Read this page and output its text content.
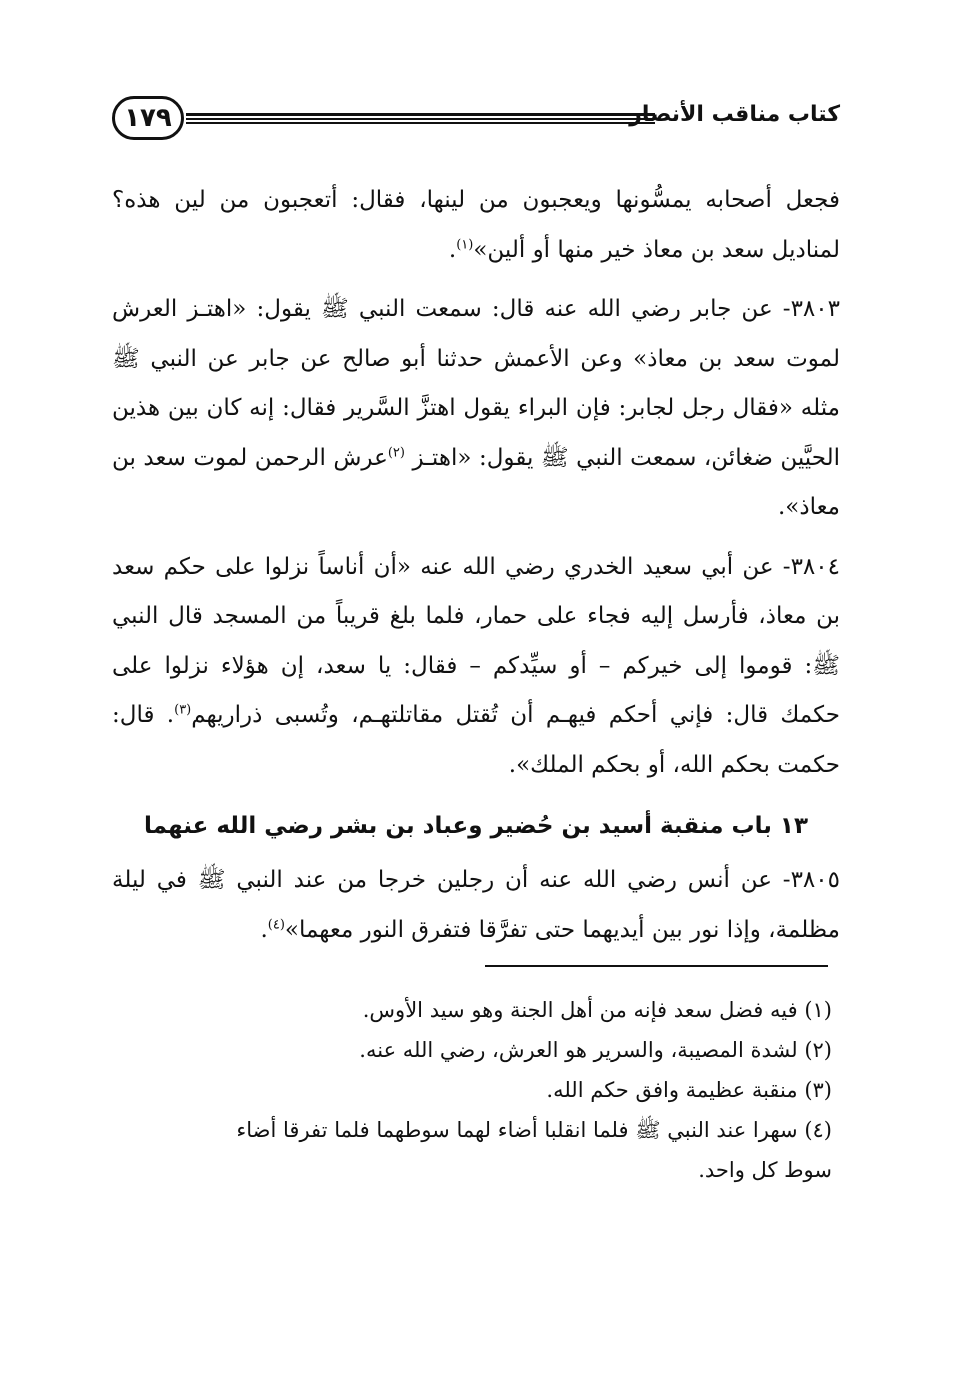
كتاب مناقب الأنصار
١٧٩

فجعل أصحابه يمسُّونها ويعجبون من لينها، فقال: أتعجبون من لين هذه؟ لمناديل سعد بن معاذ خير منها أو ألين»$^{(١)}$.

٣٨٠٣- عن جابر رضي الله عنه قال: سمعت النبي ﷺ يقول: «اهتـز العرش لموت سعد بن معاذ» وعن الأعمش حدثنا أبو صالح عن جابر عن النبي ﷺ مثله «فقال رجل لجابر: فإن البراء يقول اهتزَّ السَّرير فقال: إنه كان بين هذين الحيَّين ضغائن، سمعت النبي ﷺ يقول: «اهتـز $^{(٢)}$عرش الرحمن لموت سعد بن معاذ».

٣٨٠٤- عن أبي سعيد الخدري رضي الله عنه «أن أناساً نزلوا على حكم سعد بن معاذ، فأرسل إليه فجاء على حمار، فلما بلغ قريباً من المسجد قال النبي ﷺ: قوموا إلى خيركم – أو سيِّدكم – فقال: يا سعد، إن هؤلاء نزلوا على حكمك قال: فإني أحكم فيهـم أن تُقتل مقاتلتهـم، وتُسبى ذراريهم$^{(٣)}$. قال: حكمت بحكم الله، أو بحكم الملك».

١٣ باب منقبة أسيد بن حُضير وعباد بن بشر رضي الله عنهما

٣٨٠٥- عن أنس رضي الله عنه أن رجلين خرجا من عند النبي ﷺ في ليلة مظلمة، وإذا نور بين أيديهما حتى تفرَّقا فتفرق النور معهما»$^{(٤)}$.

(١) فيه فضل سعد فإنه من أهل الجنة وهو سيد الأوس.

(٢) لشدة المصيبة، والسرير هو العرش، رضي الله عنه.

(٣) منقبة عظيمة وافق حكم الله.

(٤) سهرا عند النبي ﷺ فلما انقلبا أضاء لهما سوطهما فلما تفرقا أضاء

سوط كل واحد.
